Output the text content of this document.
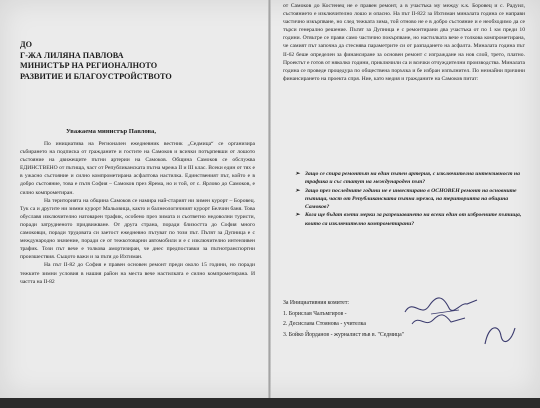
ДО
Г-ЖА ЛИЛЯНА ПАВЛОВА
МИНИСТЪР НА РЕГИОНАЛНОТО
РАЗВИТИЕ И БЛАГОУСТРОЙСТВОТО
Уважаема министър Павлова,

По инициатива на Регионален ежедневник вестник „Седмица“ се организира събирането на подписка от гражданите и гостите на Самоков и всички потърпевши от лошото състояние на движещите пътни артерии на Самоков. Община Самоков се обслужва ЕДИНСТВЕНО от пътища, част от Републиканската пътна мрежа II и III клас. Всеки един от тях е в ужасно състояние и силно компрометирана асфалтова настилка. Единственият път, който е в добро състояние, това е пътя София – Самоков през Ярема, но и той, от с. Ярлово до Самоков, е силно компрометиран.

На територията на община Самоков се намира най-старият ни зимен курорт – Боровец. Тук са и другите ни зимни курорт Мальовица, както и балнеологичният курорт Белчин баня. Това обуславя изключително натоварен трафик, особено през зимата и съответно недоволни туристи, поради затрудненото придвижване. От друга страна, поради близостта до София много самоковци, поради трудовата си заетост ежедневно пътуват по този път. Пътят за Дупница е с международно значение, поради се от тежкотоварни автомобили и е с изключително интензивен трафик. Този път вече е толкова амортизиран, че днес предпоставки за пътнотранспортни произшествия. Същото важи и за пътя до Ихтиман.

На път II-82 до София е правен основен ремонт преди около 15 години, но поради тежките зимни условия в нашия район на места вече настилката е силно компрометирана. И частта на II-82

от Самоков до Костенец не е правен ремонт, а в участъка му между к.к. Боровец и с. Радуил, състоянието е изключително лошо и опасно. На път II-822 за Ихтиман миналата година се направи частично изкърпване, но след тежката зима, той отново не е в добро състояние и е необходимо да се търси генерално решение. Пътят за Дупница е с ремонтирани два участъка от по 1 км преди 10 години. Отвътре се прави само частично покърпване, но настилката вече е толкова компрометирана, че самият път започна да стеснява параметрите си от разпадането на асфалта. Миналата година път II-62 беше определен за финансиране за основен ремонт с изграждане на нов слой, трето, платно. Проектът е готов от няколко години, приключили са и всички отчуждителни производства. Миналата година се проведе процедура по обществена поръчка и бе избран изпълнител. По незнайни причини финансирането на проекта спря. Ние, като медия и гражданите на Самоков питат:
➢ Защо се спира ремонтът на един пътен артерия, с изключителна интензивност на трафика и със статут на международен път?
➢ Защо през последните години не е инвестирано в ОСНОВЕН ремонт на основните пътища, част от Републиканската пътна мрежа, на територията на община Самоков?
➢ Кога ще бъдат взети мерки за разрешаването на всеки един от изброените пътища, които са изключително компрометирани?
За Инициативния комитет:
1. Борислав Чалъмгиров -
2. Десислава Стоянова - учителка
3. Бойко Йорданов - журналист във в. "Седмица"
